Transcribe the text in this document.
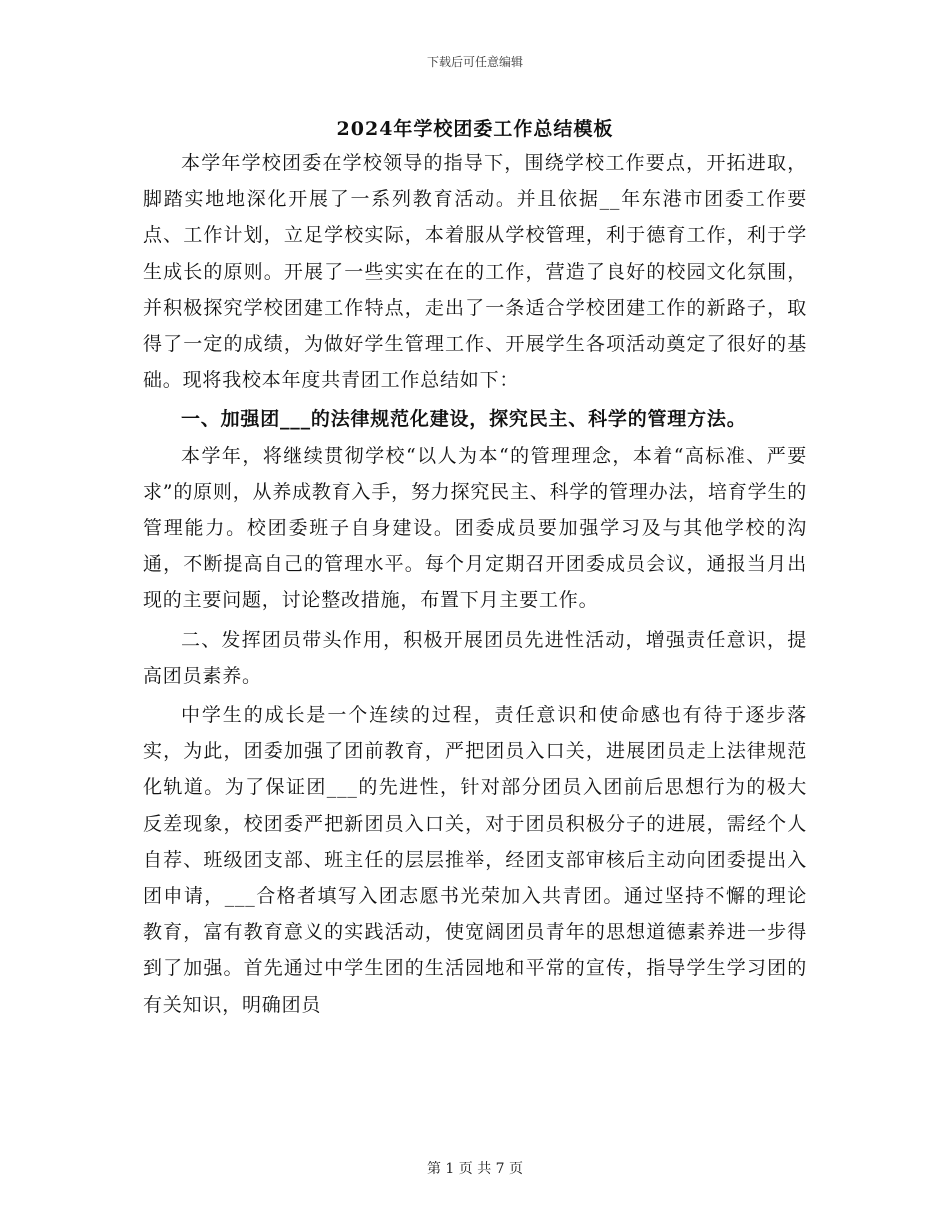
下载后可任意编辑
2024年学校团委工作总结模板

本学年学校团委在学校领导的指导下，围绕学校工作要点，开拓进取，脚踏实地地深化开展了一系列教育活动。并且依据__年东港市团委工作要点、工作计划，立足学校实际，本着服从学校管理，利于德育工作，利于学生成长的原则。开展了一些实实在在的工作，营造了良好的校园文化氛围，并积极探究学校团建工作特点，走出了一条适合学校团建工作的新路子，取得了一定的成绩，为做好学生管理工作、开展学生各项活动奠定了很好的基础。现将我校本年度共青团工作总结如下：

一、加强团___的法律规范化建设，探究民主、科学的管理方法。

本学年，将继续贯彻学校“以人为本“的管理理念，本着“高标准、严要求”的原则，从养成教育入手，努力探究民主、科学的管理办法，培育学生的管理能力。校团委班子自身建设。团委成员要加强学习及与其他学校的沟通，不断提高自己的管理水平。每个月定期召开团委成员会议，通报当月出现的主要问题，讨论整改措施，布置下月主要工作。

二、发挥团员带头作用，积极开展团员先进性活动，增强责任意识，提高团员素养。

中学生的成长是一个连续的过程，责任意识和使命感也有待于逐步落实，为此，团委加强了团前教育，严把团员入口关，进展团员走上法律规范化轨道。为了保证团___的先进性，针对部分团员入团前后思想行为的极大反差现象，校团委严把新团员入口关，对于团员积极分子的进展，需经个人自荐、班级团支部、班主任的层层推举，经团支部审核后主动向团委提出入团申请，___合格者填写入团志愿书光荣加入共青团。通过坚持不懈的理论教育，富有教育意义的实践活动，使宽阔团员青年的思想道德素养进一步得到了加强。首先通过中学生团的生活园地和平常的宣传，指导学生学习团的有关知识，明确团员

第 1 页 共 7 页
